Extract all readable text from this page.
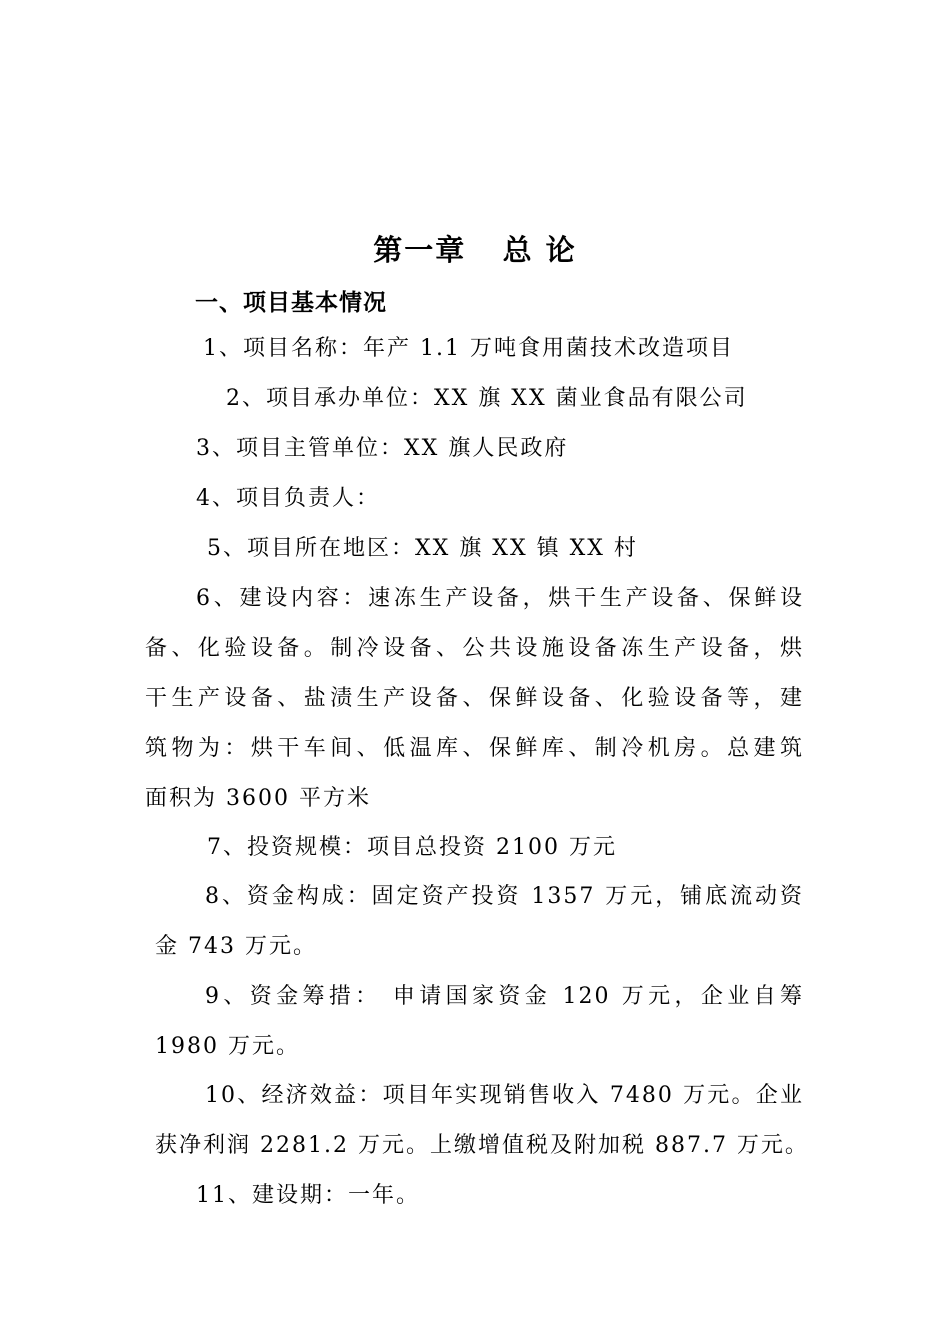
第一章   总 论
一、项目基本情况
1、项目名称：年产 1.1 万吨食用菌技术改造项目
2、项目承办单位：XX 旗 XX 菌业食品有限公司
3、项目主管单位：XX 旗人民政府
4、项目负责人：
5、项目所在地区：XX 旗 XX 镇 XX 村
6、建设内容：速冻生产设备，烘干生产设备、保鲜设
备、化验设备。制冷设备、公共设施设备冻生产设备，烘
干生产设备、盐渍生产设备、保鲜设备、化验设备等，建
筑物为：烘干车间、低温库、保鲜库、制冷机房。总建筑
面积为 3600 平方米
7、投资规模：项目总投资 2100 万元
8、资金构成：固定资产投资 1357 万元，铺底流动资
金 743 万元。
9、资金筹措： 申请国家资金 120 万元，企业自筹
1980 万元。
10、经济效益：项目年实现销售收入 7480 万元。企业
获净利润 2281.2 万元。上缴增值税及附加税 887.7 万元。
11、建设期：一年。
